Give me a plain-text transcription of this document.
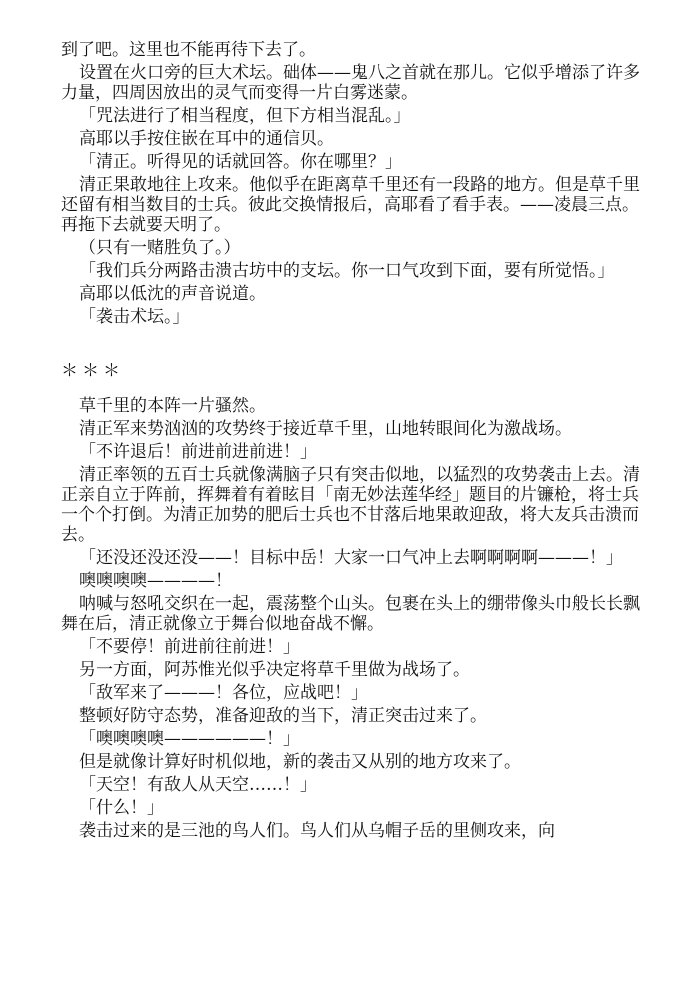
到了吧。这里也不能再待下去了。

设置在火口旁的巨大术坛。础体——鬼八之首就在那儿。它似乎增添了许多力量，四周因放出的灵气而变得一片白雾迷蒙。

「咒法进行了相当程度，但下方相当混乱。」

高耶以手按住嵌在耳中的通信贝。

「清正。听得见的话就回答。你在哪里？」

清正果敢地往上攻来。他似乎在距离草千里还有一段路的地方。但是草千里还留有相当数目的士兵。彼此交换情报后，高耶看了看手表。——凌晨三点。再拖下去就要天明了。

（只有一赌胜负了。）

「我们兵分两路击溃古坊中的支坛。你一口气攻到下面，要有所觉悟。」

高耶以低沈的声音说道。

「袭击术坛。」

＊＊＊

草千里的本阵一片骚然。

清正军来势汹汹的攻势终于接近草千里，山地转眼间化为激战场。

「不许退后！前进前进前进！」

清正率领的五百士兵就像满脑子只有突击似地，以猛烈的攻势袭击上去。清正亲自立于阵前，挥舞着有着眩目「南无妙法莲华经」题目的片镰枪，将士兵一个个打倒。为清正加势的肥后士兵也不甘落后地果敢迎敌，将大友兵击溃而去。

「还没还没还没——！目标中岳！大家一口气冲上去啊啊啊啊———！」

噢噢噢噢————！

呐喊与怒吼交织在一起，震荡整个山头。包裹在头上的绷带像头巾般长长飘舞在后，清正就像立于舞台似地奋战不懈。

「不要停！前进前往前进！」

另一方面，阿苏惟光似乎决定将草千里做为战场了。

「敌军来了———！各位，应战吧！」

整顿好防守态势，准备迎敌的当下，清正突击过来了。

「噢噢噢噢——————！」

但是就像计算好时机似地，新的袭击又从别的地方攻来了。

「天空！有敌人从天空……！」

「什么！」

袭击过来的是三池的鸟人们。鸟人们从乌帽子岳的里侧攻来，向
